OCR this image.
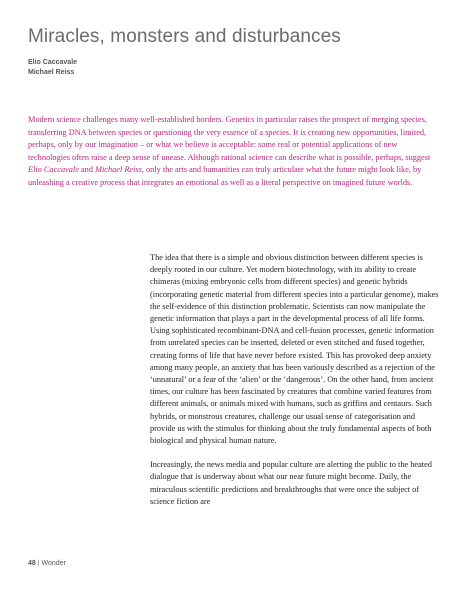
Miracles, monsters and disturbances
Elio Caccavale
Michael Reiss

Modern science challenges many well-established borders. Genetics in particular raises the prospect of merging species, transferring DNA between species or questioning the very essence of a species. It is creating new opportunities, limited, perhaps, only by our imagination – or what we believe is acceptable: some real or potential applications of new technologies often raise a deep sense of unease. Although rational science can describe what is possible, perhaps, suggest Elio Caccavale and Michael Reiss, only the arts and humanities can truly articulate what the future might look like, by unleashing a creative process that integrates an emotional as well as a literal perspective on imagined future worlds.

The idea that there is a simple and obvious distinction between different species is deeply rooted in our culture. Yet modern biotechnology, with its ability to create chimeras (mixing embryonic cells from different species) and genetic hybrids (incorporating genetic material from different species into a particular genome), makes the self-evidence of this distinction problematic. Scientists can now manipulate the genetic information that plays a part in the developmental process of all life forms. Using sophisticated recombinant-DNA and cell-fusion processes, genetic information from unrelated species can be inserted, deleted or even stitched and fused together, creating forms of life that have never before existed. This has provoked deep anxiety among many people, an anxiety that has been variously described as a rejection of the ‘unnatural’ or a fear of the ‘alien’ or the ‘dangerous’. On the other hand, from ancient times, our culture has been fascinated by creatures that combine varied features from different animals, or animals mixed with humans, such as griffins and centaurs. Such hybrids, or monstrous creatures, challenge our usual sense of categorisation and provide us with the stimulus for thinking about the truly fundamental aspects of both biological and physical human nature.

Increasingly, the news media and popular culture are alerting the public to the heated dialogue that is underway about what our near future might become. Daily, the miraculous scientific predictions and breakthroughs that were once the subject of science fiction are

48 | Wonder
